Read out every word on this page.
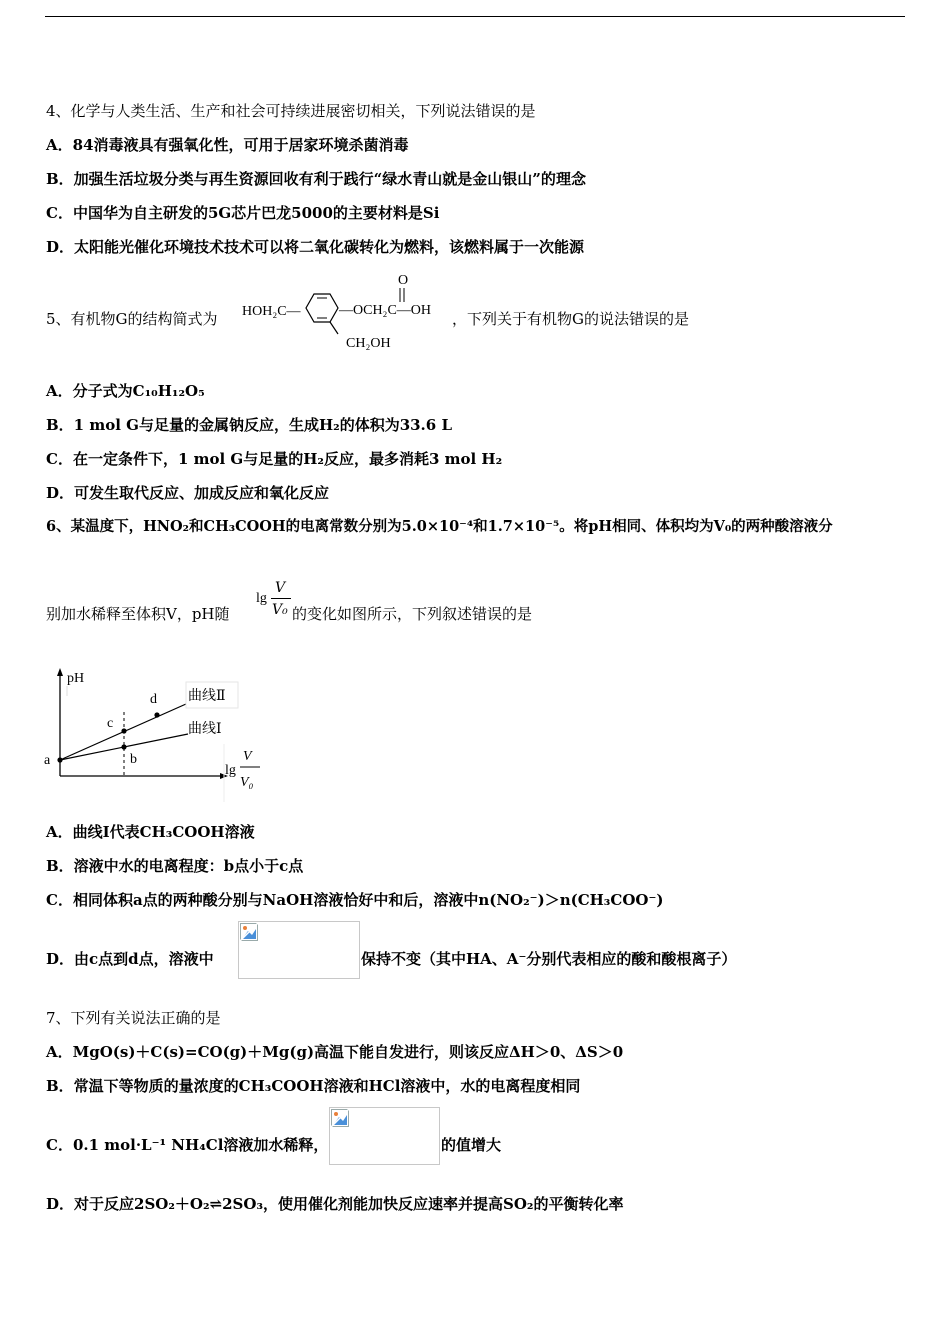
4、化学与人类生活、生产和社会可持续进展密切相关，下列说法错误的是
A．84消毒液具有强氧化性，可用于居家环境杀菌消毒
B．加强生活垃圾分类与再生资源回收有利于践行“绿水青山就是金山银山”的理念
C．中国华为自主研发的5G芯片巴龙5000的主要材料是Si
D．太阳能光催化环境技术技术可以将二氧化碳转化为燃料，该燃料属于一次能源
5、有机物G的结构简式为 HOH₂C—
O
—OCH₂C—OH
CH₂OH
，下列关于有机物G的说法错误的是
A．分子式为C₁₀H₁₂O₅
B．1 mol G与足量的金属钠反应，生成H₂的体积为33.6 L
C．在一定条件下，1 mol G与足量的H₂反应，最多消耗3 mol H₂
D．可发生取代反应、加成反应和氧化反应
6、某温度下，HNO₂和CH₃COOH的电离常数分别为5.0×10⁻⁴和1.7×10⁻⁵。将pH相同、体积均为V₀的两种酸溶液分
别加水稀释至体积V，pH随
lg
V
V₀ 的变化如图所示，下列叙述错误的是
pH
a	b
c
d 曲线Ⅱ
曲线Ⅰ
lg
V
V₀
A．曲线Ⅰ代表CH₃COOH溶液
B．溶液中水的电离程度：b点小于c点
C．相同体积a点的两种酸分别与NaOH溶液恰好中和后，溶液中n(NO₂⁻)＞n(CH₃COO⁻)
D．由c点到d点，溶液中	保持不变（其中HA、A⁻分别代表相应的酸和酸根离子）
7、下列有关说法正确的是
A．MgO(s)＋C(s)=CO(g)＋Mg(g)高温下能自发进行，则该反应ΔH＞0、ΔS＞0
B．常温下等物质的量浓度的CH₃COOH溶液和HCl溶液中，水的电离程度相同
C．0.1 mol·L⁻¹ NH₄Cl溶液加水稀释，	的值增大
D．对于反应2SO₂＋O₂⇌2SO₃，使用催化剂能加快反应速率并提高SO₂的平衡转化率
